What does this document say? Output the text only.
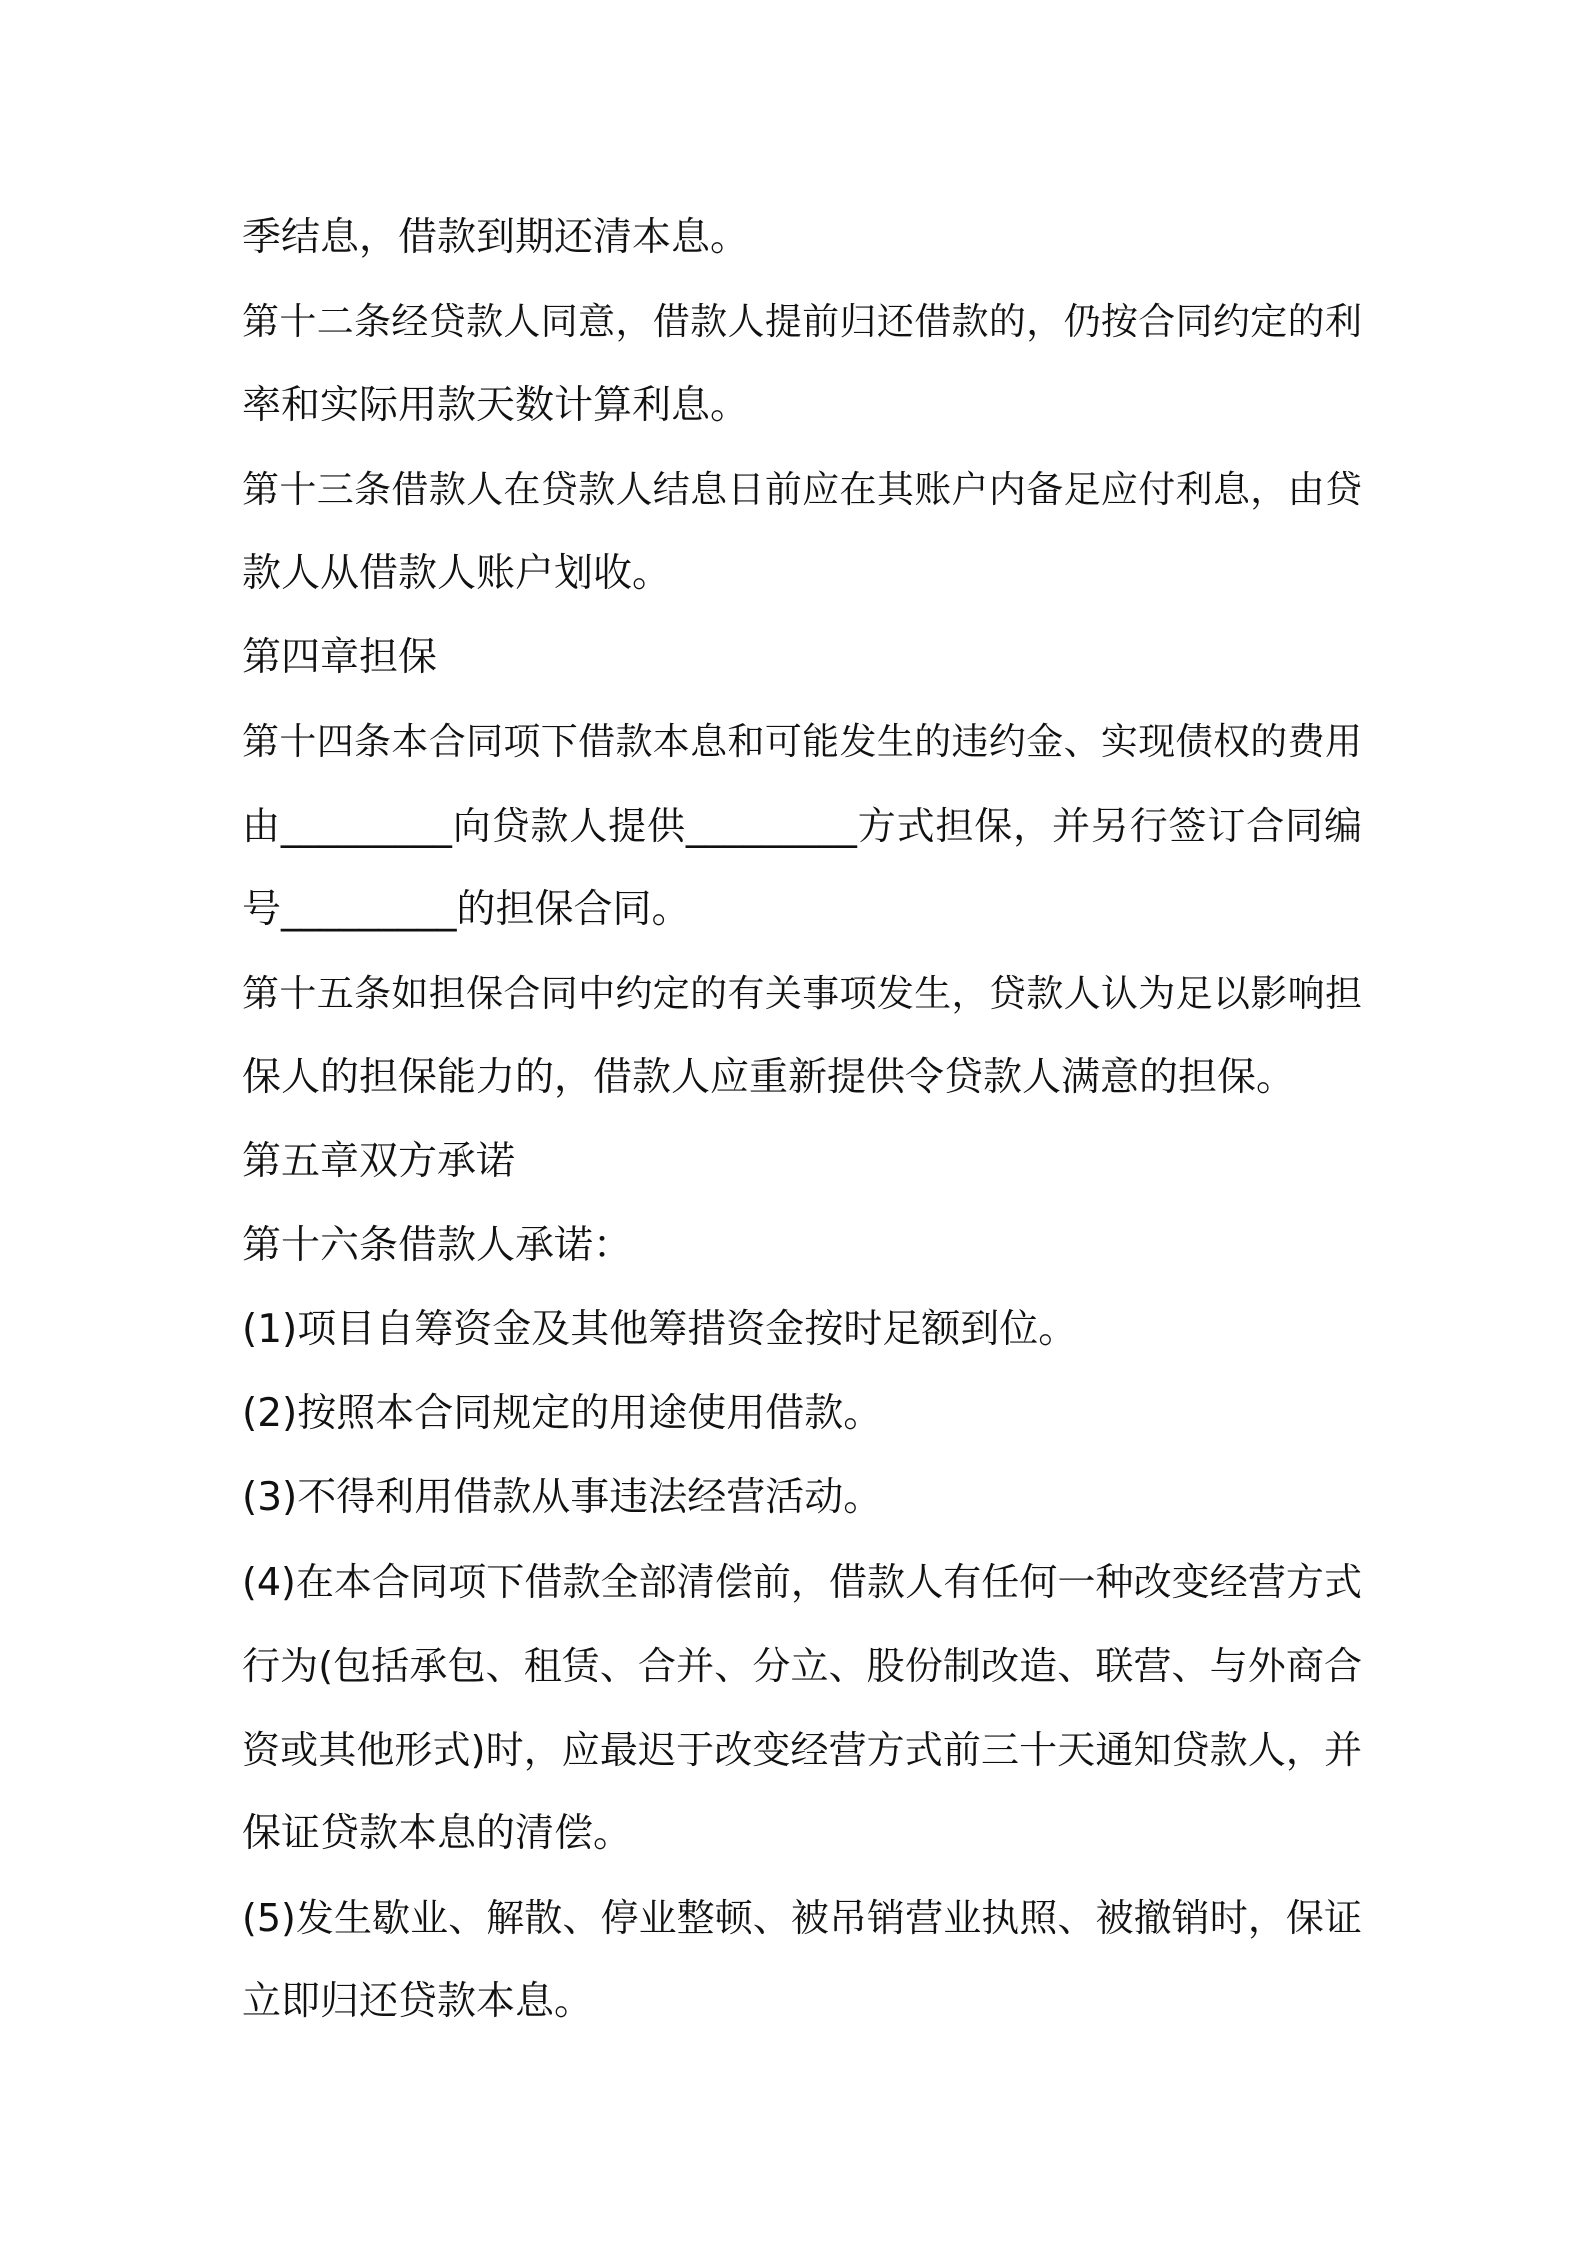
季结息，借款到期还清本息。

第十二条经贷款人同意，借款人提前归还借款的，仍按合同约定的利

率和实际用款天数计算利息。

第十三条借款人在贷款人结息日前应在其账户内备足应付利息，由贷

款人从借款人账户划收。

第四章担保

第十四条本合同项下借款本息和可能发生的违约金、实现债权的费用

由_________向贷款人提供_________方式担保，并另行签订合同编

号_________的担保合同。

第十五条如担保合同中约定的有关事项发生，贷款人认为足以影响担

保人的担保能力的，借款人应重新提供令贷款人满意的担保。

第五章双方承诺

第十六条借款人承诺：

(1)项目自筹资金及其他筹措资金按时足额到位。

(2)按照本合同规定的用途使用借款。

(3)不得利用借款从事违法经营活动。

(4)在本合同项下借款全部清偿前，借款人有任何一种改变经营方式

行为(包括承包、租赁、合并、分立、股份制改造、联营、与外商合

资或其他形式)时，应最迟于改变经营方式前三十天通知贷款人，并

保证贷款本息的清偿。

(5)发生歇业、解散、停业整顿、被吊销营业执照、被撤销时，保证

立即归还贷款本息。
